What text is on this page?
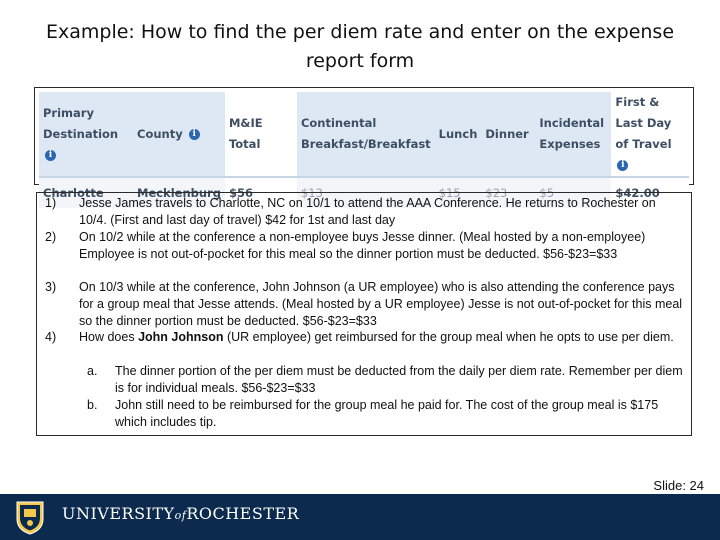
Example: How to find the per diem rate and enter on the expense report form
Primary Destination i	County i	M&IE Total	Continental Breakfast/Breakfast	Lunch	Dinner	Incidental Expenses	First & Last Day of Travel i
Charlotte	Mecklenburg	$56	$13	$15	$23	$5	$42.00
1) Jesse James travels to Charlotte, NC on 10/1 to attend the AAA Conference. He returns to Rochester on 10/4. (First and last day of travel) $42 for 1st and last day
2) On 10/2 while at the conference a non-employee buys Jesse dinner. (Meal hosted by a non-employee) Employee is not out-of-pocket for this meal so the dinner portion must be deducted. $56-$23=$33
3) On 10/3 while at the conference, John Johnson (a UR employee) who is also attending the conference pays for a group meal that Jesse attends. (Meal hosted by a UR employee) Jesse is not out-of-pocket for this meal so the dinner portion must be deducted. $56-$23=$33
4) How does John Johnson (UR employee) get reimbursed for the group meal when he opts to use per diem.
a. The dinner portion of the per diem must be deducted from the daily per diem rate. Remember per diem is for individual meals. $56-$23=$33
b. John still need to be reimbursed for the group meal he paid for. The cost of the group meal is $175 which includes tip.
Slide: 24
UNIVERSITYofROCHESTER
